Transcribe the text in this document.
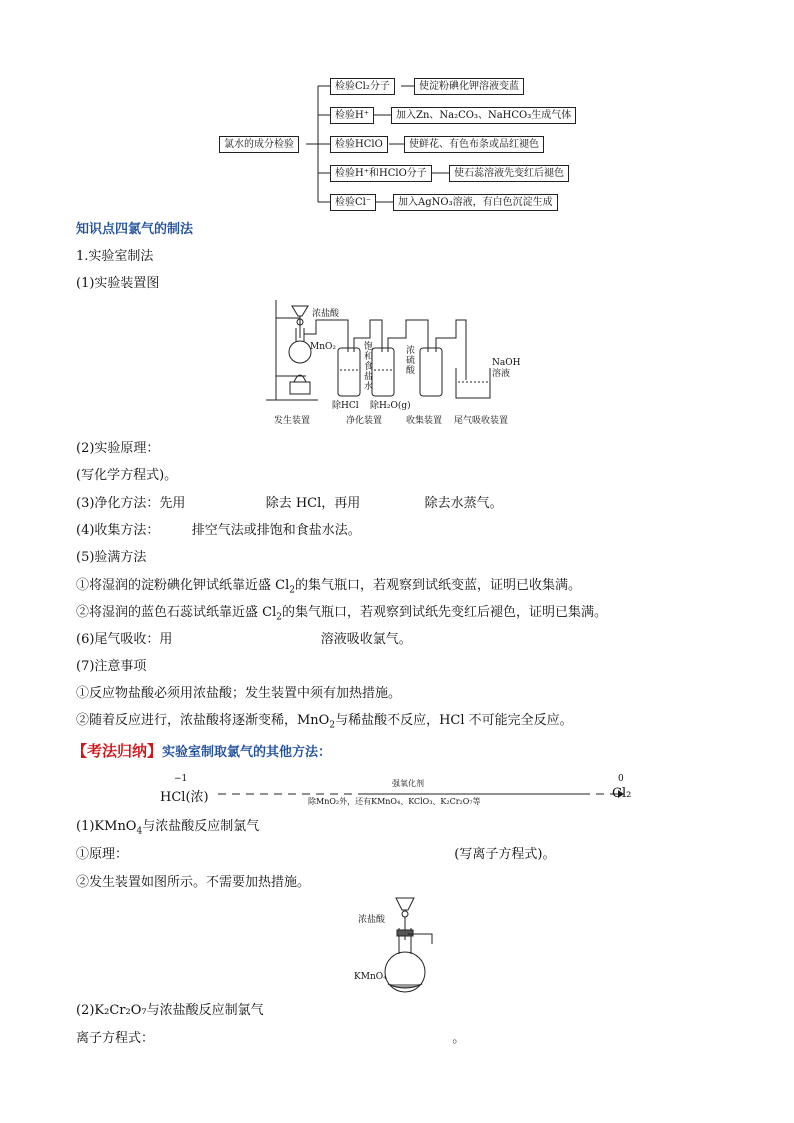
氯水的成分检验
检验Cl₂分子
检验H⁺
检验HClO
检验H⁺和HClO分子
检验Cl⁻
使淀粉碘化钾溶液变蓝
加入Zn、Na₂CO₃、NaHCO₃生成气体
使鲜花、有色布条或品红褪色
使石蕊溶液先变红后褪色
加入AgNO₃溶液，有白色沉淀生成
知识点四氯气的制法
1.实验室制法
(1)实验装置图
浓盐酸
MnO₂	饱和食盐水
浓硫酸
NaOH溶液
除HCl 除H₂O(g)
发生装置	净化装置	收集装置 尾气吸收装置
(2)实验原理：
(写化学方程式)。
(3)净化方法：先用	除去 HCl，再用	除去水蒸气。
(4)收集方法： 排空气法或排饱和食盐水法。
(5)验满方法
①将湿润的淀粉碘化钾试纸靠近盛 $Cl_2$的集气瓶口，若观察到试纸变蓝，证明已收集满。
②将湿润的蓝色石蕊试纸靠近盛 $Cl_2$的集气瓶口，若观察到试纸先变红后褪色，证明已集满。
(6)尾气吸收：用	溶液吸收氯气。
(7)注意事项
①反应物盐酸必须用浓盐酸；发生装置中须有加热措施。
②随着反应进行，浓盐酸将逐渐变稀，MnO$_2$与稀盐酸不反应，HCl 不可能完全反应。
【考法归纳】实验室制取氯气的其他方法：
−1
HCl(浓)
强氧化剂
除MnO₂外，还有KMnO₄、KClO₃、K₂Cr₂O₇等
0
Cl₂
(1)KMnO$_4$与浓盐酸反应制氯气
①原理：	(写离子方程式)。
②发生装置如图所示。不需要加热措施。
浓盐酸
KMnO₄
(2)K₂Cr₂O₇与浓盐酸反应制氯气
离子方程式：	。
